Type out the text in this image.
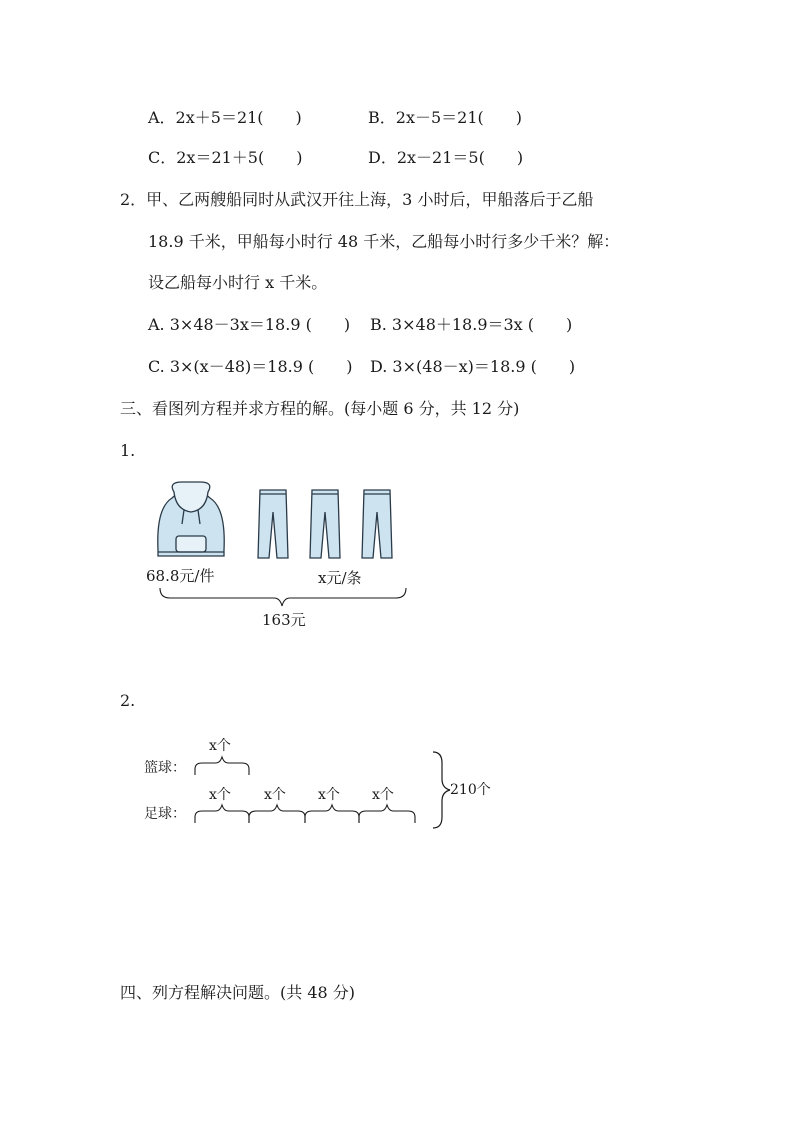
A．2x＋5＝21(　　)	B．2x－5＝21(　　)
C．2x＝21＋5(　　)	D．2x－21＝5(　　)
2．甲、乙两艘船同时从武汉开往上海，3 小时后，甲船落后于乙船
18.9 千米，甲船每小时行 48 千米，乙船每小时行多少千米？解：
设乙船每小时行 x 千米。
A. 3×48－3x＝18.9 (　　) B. 3×48＋18.9＝3x (　　)
C. 3×(x－48)＝18.9 (　　) D. 3×(48－x)＝18.9 (　　)
三、看图列方程并求方程的解。(每小题 6 分，共 12 分)
1.
68.8元/件	x元/条
163元
2.
x个
篮球：
x个 x个 x个 x个
足球：
210个
四、列方程解决问题。(共 48 分)
